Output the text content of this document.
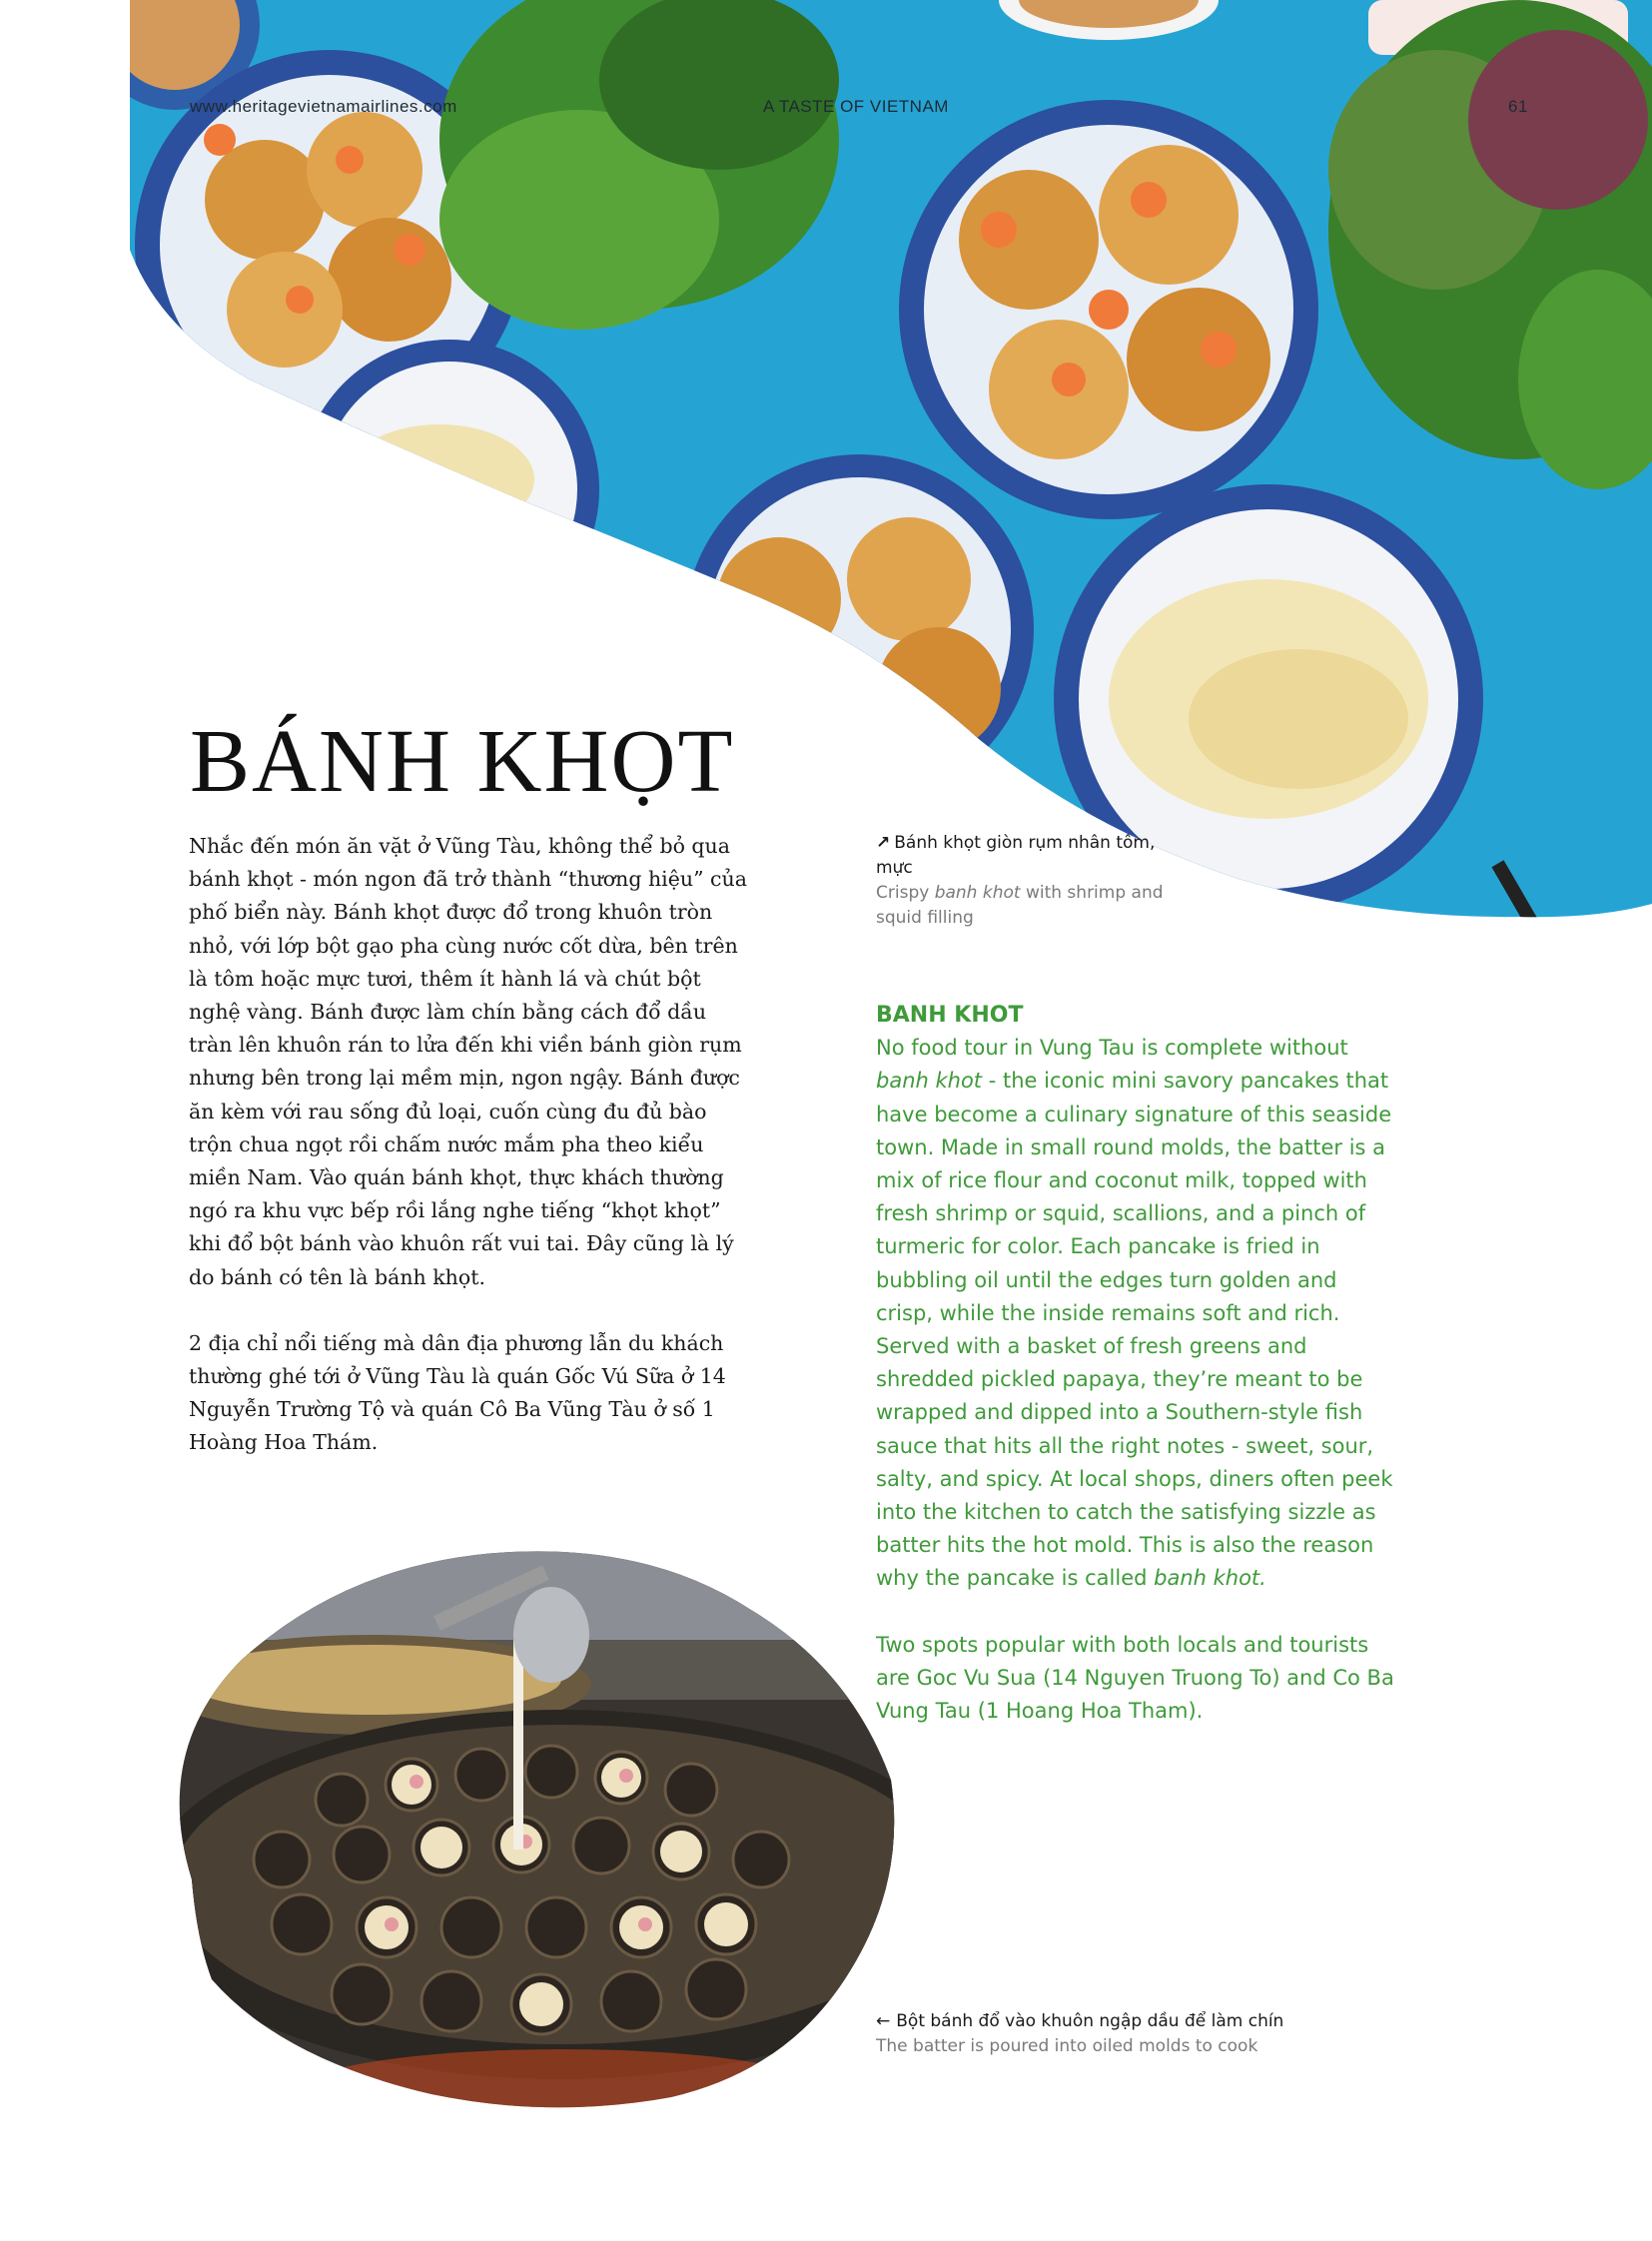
www.heritagevietnamairlines.com	A TASTE OF VIETNAM	61
BÁNH KHỌT

Nhắc đến món ăn vặt ở Vũng Tàu, không thể bỏ qua bánh khọt - món ngon đã trở thành “thương hiệu” của phố biển này. Bánh khọt được đổ trong khuôn tròn nhỏ, với lớp bột gạo pha cùng nước cốt dừa, bên trên là tôm hoặc mực tươi, thêm ít hành lá và chút bột nghệ vàng. Bánh được làm chín bằng cách đổ dầu tràn lên khuôn rán to lửa đến khi viền bánh giòn rụm nhưng bên trong lại mềm mịn, ngon ngậy. Bánh được ăn kèm với rau sống đủ loại, cuốn cùng đu đủ bào trộn chua ngọt rồi chấm nước mắm pha theo kiểu miền Nam. Vào quán bánh khọt, thực khách thường ngó ra khu vực bếp rồi lắng nghe tiếng “khọt khọt” khi đổ bột bánh vào khuôn rất vui tai. Đây cũng là lý do bánh có tên là bánh khọt.

2 địa chỉ nổi tiếng mà dân địa phương lẫn du khách thường ghé tới ở Vũng Tàu là quán Gốc Vú Sữa ở 14 Nguyễn Trường Tộ và quán Cô Ba Vũng Tàu ở số 1 Hoàng Hoa Thám.

↗ Bánh khọt giòn rụm nhân tôm, mực
Crispy banh khot with shrimp and squid filling
BANH KHOT

No food tour in Vung Tau is complete without banh khot - the iconic mini savory pancakes that have become a culinary signature of this seaside town. Made in small round molds, the batter is a mix of rice flour and coconut milk, topped with fresh shrimp or squid, scallions, and a pinch of turmeric for color. Each pancake is fried in bubbling oil until the edges turn golden and crisp, while the inside remains soft and rich. Served with a basket of fresh greens and shredded pickled papaya, they’re meant to be wrapped and dipped into a Southern-style fish sauce that hits all the right notes - sweet, sour, salty, and spicy. At local shops, diners often peek into the kitchen to catch the satisfying sizzle as batter hits the hot mold. This is also the reason why the pancake is called banh khot.

Two spots popular with both locals and tourists are Goc Vu Sua (14 Nguyen Truong To) and Co Ba Vung Tau (1 Hoang Hoa Tham).

← Bột bánh đổ vào khuôn ngập dầu để làm chín
The batter is poured into oiled molds to cook
